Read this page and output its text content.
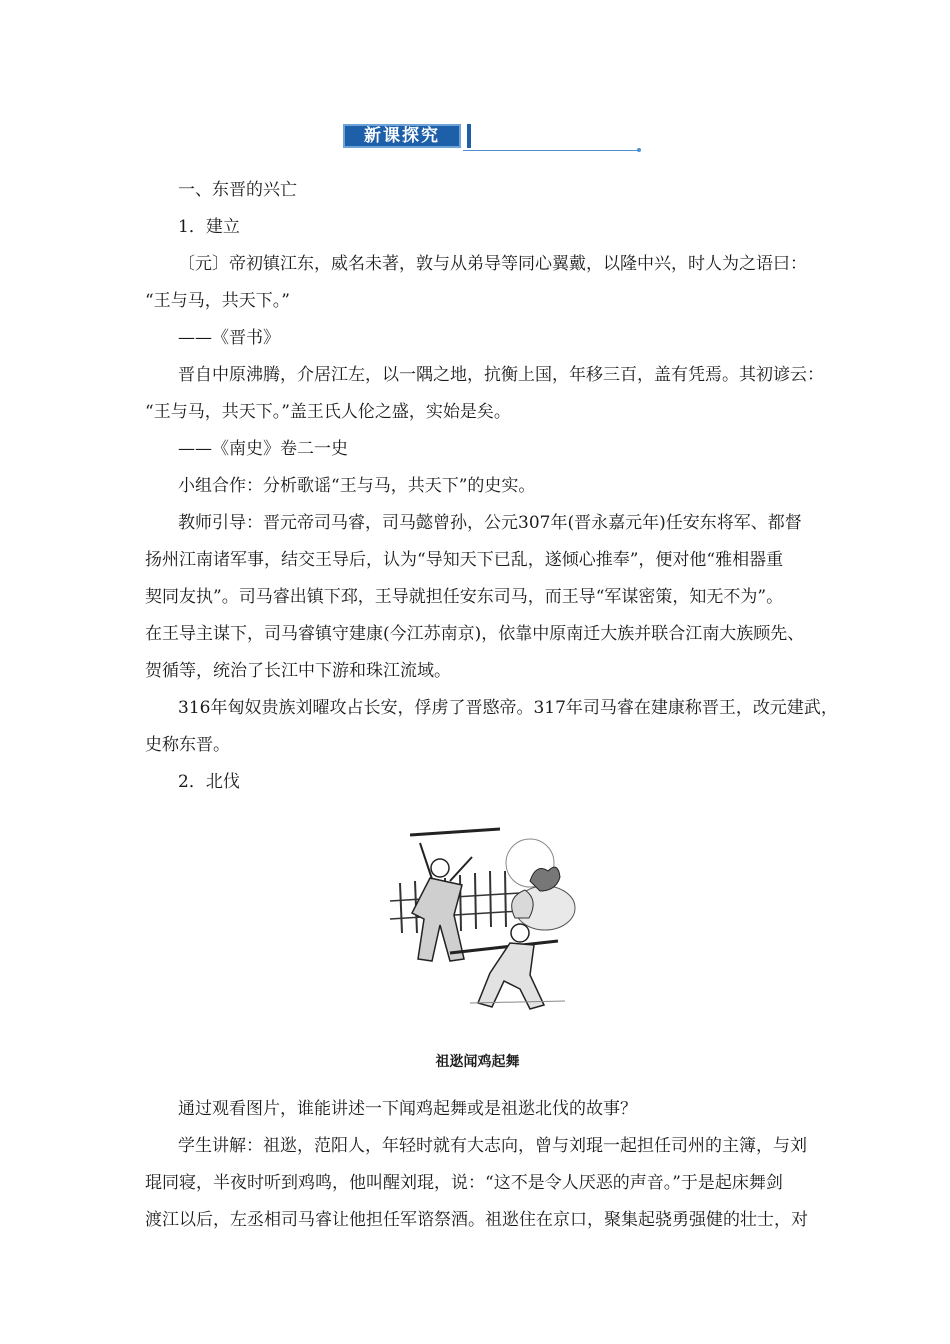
新课探究

一、东晋的兴亡

1．建立

〔元〕帝初镇江东，威名未著，敦与从弟导等同心翼戴，以隆中兴，时人为之语曰：

“王与马，共天下。”

——《晋书》

晋自中原沸腾，介居江左，以一隅之地，抗衡上国，年移三百，盖有凭焉。其初谚云：

“王与马，共天下。”盖王氏人伦之盛，实始是矣。

——《南史》卷二一史

小组合作：分析歌谣“王与马，共天下”的史实。

教师引导：晋元帝司马睿，司马懿曾孙，公元307年(晋永嘉元年)任安东将军、都督

扬州江南诸军事，结交王导后，认为“导知天下已乱，遂倾心推奉”，便对他“雅相器重

契同友执”。司马睿出镇下邳，王导就担任安东司马，而王导“军谋密策，知无不为”。

在王导主谋下，司马睿镇守建康(今江苏南京)，依靠中原南迁大族并联合江南大族顾先、

贺循等，统治了长江中下游和珠江流域。

316年匈奴贵族刘曜攻占长安，俘虏了晋愍帝。317年司马睿在建康称晋王，改元建武，

史称东晋。

2．北伐

祖逖闻鸡起舞

通过观看图片，谁能讲述一下闻鸡起舞或是祖逖北伐的故事？

学生讲解：祖逖，范阳人，年轻时就有大志向，曾与刘琨一起担任司州的主簿，与刘

琨同寝，半夜时听到鸡鸣，他叫醒刘琨，说：“这不是令人厌恶的声音。”于是起床舞剑

渡江以后，左丞相司马睿让他担任军谘祭酒。祖逖住在京口，聚集起骁勇强健的壮士，对
